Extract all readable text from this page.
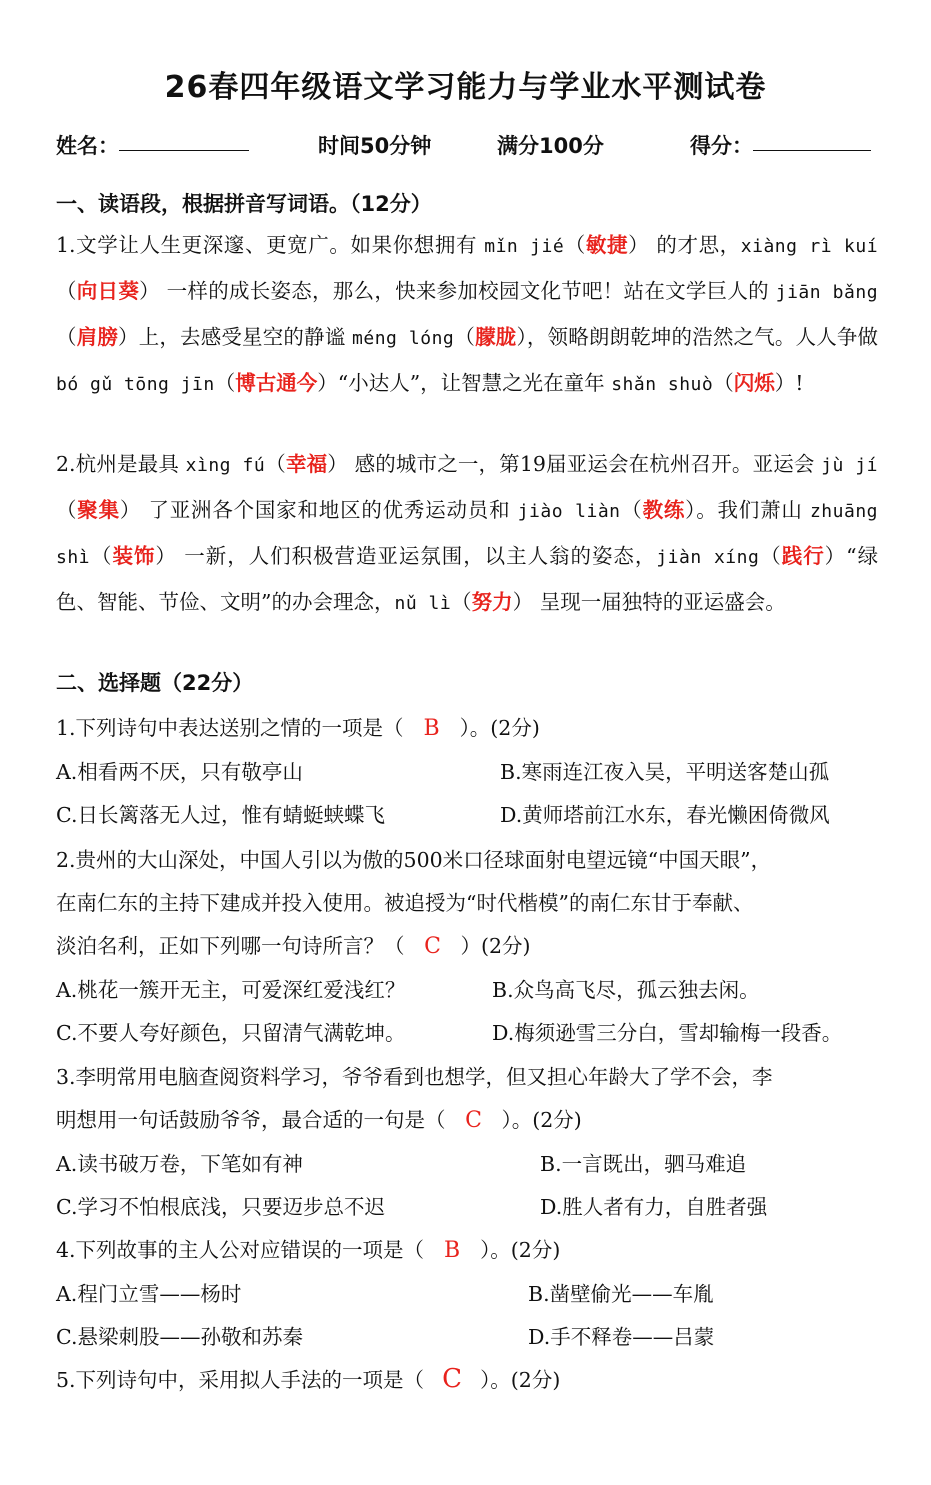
26春四年级语文学习能力与学业水平测试卷
姓名：	时间50分钟	满分100分	得分：
一、读语段，根据拼音写词语。（12分）
1.文学让人生更深邃、更宽广。如果你想拥有 mǐn jié（敏捷） 的才思，xiàng rì kuí（向日葵） 一样的成长姿态，那么，快来参加校园文化节吧！站在文学巨人的 jiān bǎng（肩膀）上，去感受星空的静谧 méng lóng（朦胧），领略朗朗乾坤的浩然之气。人人争做 bó gǔ tōng jīn（博古通今）“小达人”，让智慧之光在童年 shǎn shuò（闪烁）!
2.杭州是最具 xìng fú（幸福） 感的城市之一，第19届亚运会在杭州召开。亚运会 jù jí（聚集） 了亚洲各个国家和地区的优秀运动员和 jiào liàn（教练）。我们萧山 zhuāng shì（装饰） 一新，人们积极营造亚运氛围，以主人翁的姿态，jiàn xíng（践行）“绿色、智能、节俭、文明”的办会理念，nǔ lì（努力） 呈现一届独特的亚运盛会。
二、选择题（22分）
1.下列诗句中表达送别之情的一项是（ B ）。(2分)
A.相看两不厌，只有敬亭山	B.寒雨连江夜入吴，平明送客楚山孤
C.日长篱落无人过，惟有蜻蜓蛱蝶飞	D.黄师塔前江水东，春光懒困倚微风
2.贵州的大山深处，中国人引以为傲的500米口径球面射电望远镜“中国天眼”，
在南仁东的主持下建成并投入使用。被追授为“时代楷模”的南仁东甘于奉献、
淡泊名利，正如下列哪一句诗所言？（ C ）(2分)
A.桃花一簇开无主，可爱深红爱浅红？	B.众鸟高飞尽，孤云独去闲。
C.不要人夸好颜色，只留清气满乾坤。	D.梅须逊雪三分白，雪却输梅一段香。
3.李明常用电脑查阅资料学习，爷爷看到也想学，但又担心年龄大了学不会，李
明想用一句话鼓励爷爷，最合适的一句是（ C ）。(2分)
A.读书破万卷，下笔如有神	B.一言既出，驷马难追
C.学习不怕根底浅，只要迈步总不迟	D.胜人者有力，自胜者强
4.下列故事的主人公对应错误的一项是（ B ）。(2分)
A.程门立雪——杨时	B.凿壁偷光——车胤
C.悬梁刺股——孙敬和苏秦	D.手不释卷——吕蒙
5.下列诗句中，采用拟人手法的一项是（ C ）。(2分)
